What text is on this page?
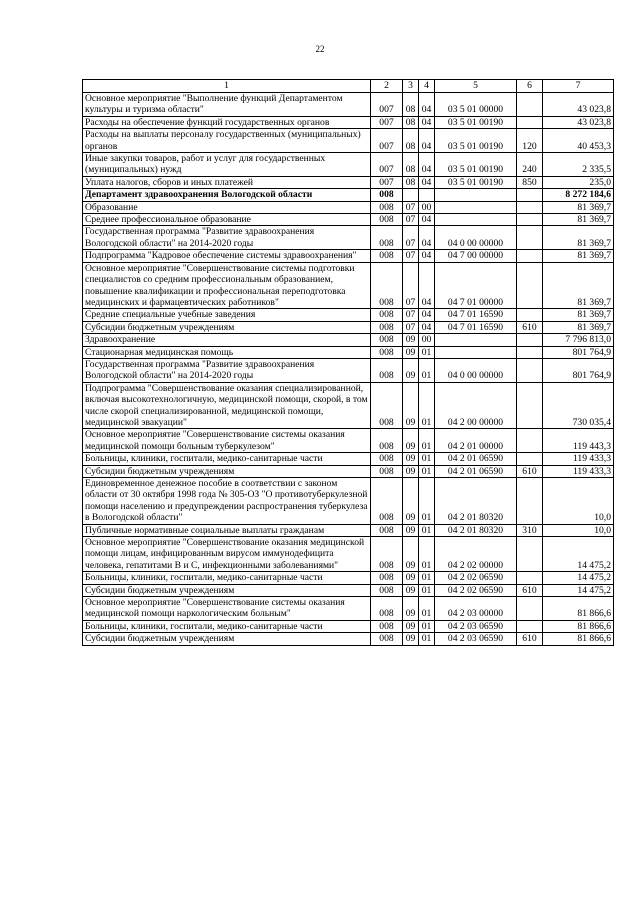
22
1	2	3	4	5	6	7
Основное мероприятие "Выполнение функций Департаментом культуры и туризма области"	007	08	04	03 5 01 00000		43 023,8
Расходы на обеспечение функций государственных органов	007	08	04	03 5 01 00190		43 023,8
Расходы на выплаты персоналу государственных (муниципальных) органов	007	08	04	03 5 01 00190	120	40 453,3
Иные закупки товаров, работ и услуг для государственных (муниципальных) нужд	007	08	04	03 5 01 00190	240	2 335,5
Уплата налогов, сборов и иных платежей	007	08	04	03 5 01 00190	850	235,0
Департамент здравоохранения Вологодской области	008					8 272 184,6
Образование	008	07	00			81 369,7
Среднее профессиональное образование	008	07	04			81 369,7
Государственная программа "Развитие здравоохранения Вологодской области" на 2014-2020 годы	008	07	04	04 0 00 00000		81 369,7
Подпрограмма "Кадровое обеспечение системы здравоохранения"	008	07	04	04 7 00 00000		81 369,7
Основное мероприятие "Совершенствование системы подготовки специалистов со средним профессиональным образованием, повышение квалификации и профессиональная переподготовка медицинских и фармацевтических работников"	008	07	04	04 7 01 00000		81 369,7
Средние специальные учебные заведения	008	07	04	04 7 01 16590		81 369,7
Субсидии бюджетным учреждениям	008	07	04	04 7 01 16590	610	81 369,7
Здравоохранение	008	09	00			7 796 813,0
Стационарная медицинская помощь	008	09	01			801 764,9
Государственная программа "Развитие здравоохранения Вологодской области" на 2014-2020 годы	008	09	01	04 0 00 00000		801 764,9
Подпрограмма "Совершенствование оказания специализированной, включая высокотехнологичную, медицинской помощи, скорой, в том числе скорой специализированной, медицинской помощи, медицинской эвакуации"	008	09	01	04 2 00 00000		730 035,4
Основное мероприятие "Совершенствование системы оказания медицинской помощи больным туберкулезом"	008	09	01	04 2 01 00000		119 443,3
Больницы, клиники, госпитали, медико-санитарные части	008	09	01	04 2 01 06590		119 433,3
Субсидии бюджетным учреждениям	008	09	01	04 2 01 06590	610	119 433,3
Единовременное денежное пособие в соответствии с законом области от 30 октября 1998 года № 305-ОЗ "О противотуберкулезной помощи населению и предупреждении распространения туберкулеза в Вологодской области"	008	09	01	04 2 01 80320		10,0
Публичные нормативные социальные выплаты гражданам	008	09	01	04 2 01 80320	310	10,0
Основное мероприятие "Совершенствование оказания медицинской помощи лицам, инфицированным вирусом иммунодефицита человека, гепатитами В и С, инфекционными заболеваниями"	008	09	01	04 2 02 00000		14 475,2
Больницы, клиники, госпитали, медико-санитарные части	008	09	01	04 2 02 06590		14 475,2
Субсидии бюджетным учреждениям	008	09	01	04 2 02 06590	610	14 475,2
Основное мероприятие "Совершенствование системы оказания медицинской помощи наркологическим больным"	008	09	01	04 2 03 00000		81 866,6
Больницы, клиники, госпитали, медико-санитарные части	008	09	01	04 2 03 06590		81 866,6
Субсидии бюджетным учреждениям	008	09	01	04 2 03 06590	610	81 866,6
